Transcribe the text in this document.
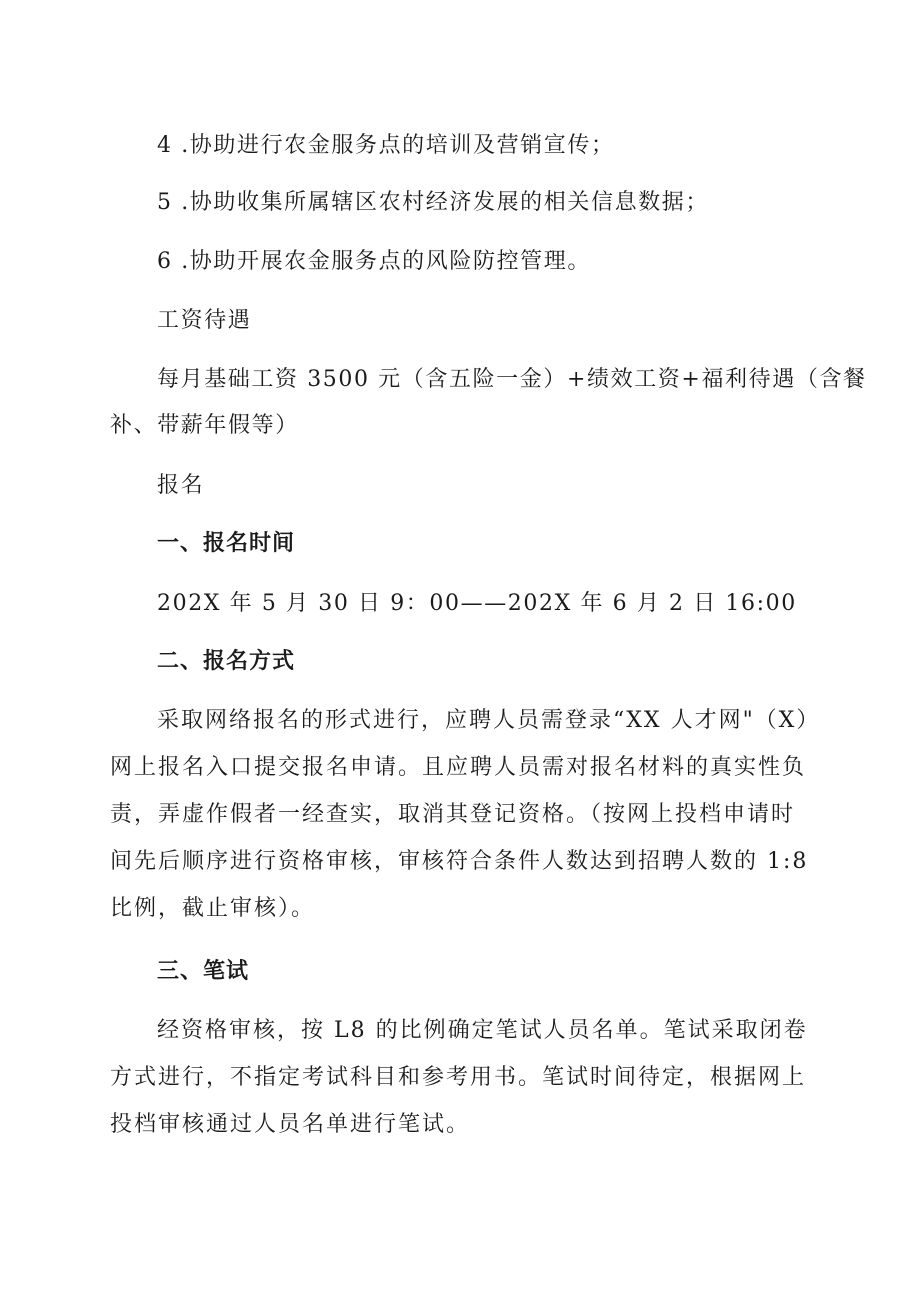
4 .协助进行农金服务点的培训及营销宣传；
5 .协助收集所属辖区农村经济发展的相关信息数据；
6 .协助开展农金服务点的风险防控管理。
工资待遇
每月基础工资 3500 元（含五险一金）+绩效工资+福利待遇（含餐
补、带薪年假等）
报名
一、报名时间
202X 年 5 月 30 日 9：00——202X 年 6 月 2 日 16:00
二、报名方式

采取网络报名的形式进行，应聘人员需登录“XX 人才网"（X）网上报名入口提交报名申请。且应聘人员需对报名材料的真实性负责，弄虚作假者一经查实，取消其登记资格。（按网上投档申请时间先后顺序进行资格审核，审核符合条件人数达到招聘人数的 1:8 比例，截止审核）。

三、笔试

经资格审核，按 L8 的比例确定笔试人员名单。笔试采取闭卷方式进行，不指定考试科目和参考用书。笔试时间待定，根据网上投档审核通过人员名单进行笔试。
